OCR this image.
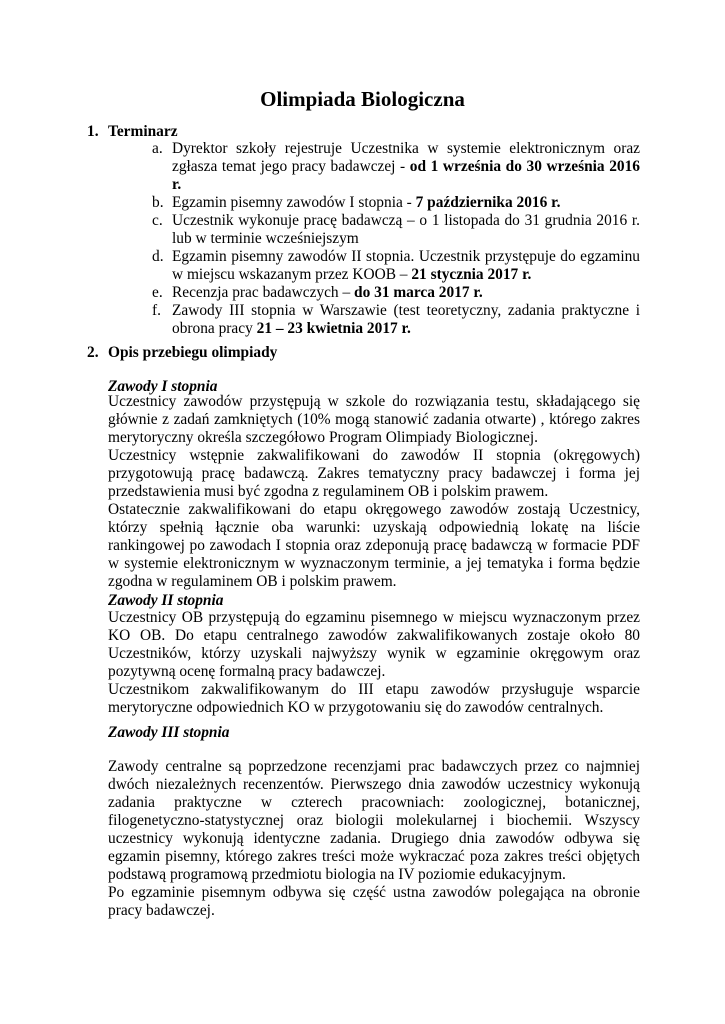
Olimpiada Biologiczna
1. Terminarz
a. Dyrektor szkoły rejestruje Uczestnika w systemie elektronicznym oraz zgłasza temat jego pracy badawczej - od 1 września do 30 września 2016 r.
b. Egzamin pisemny zawodów I stopnia - 7 października 2016 r.
c. Uczestnik wykonuje pracę badawczą – o 1 listopada do 31 grudnia 2016 r. lub w terminie wcześniejszym
d. Egzamin pisemny zawodów II stopnia. Uczestnik przystępuje do egzaminu w miejscu wskazanym przez KOOB – 21 stycznia 2017 r.
e. Recenzja prac badawczych – do 31 marca 2017 r.
f. Zawody III stopnia w Warszawie (test teoretyczny, zadania praktyczne i obrona pracy 21 – 23 kwietnia 2017 r.
2. Opis przebiegu olimpiady
Zawody I stopnia

Uczestnicy zawodów przystępują w szkole do rozwiązania testu, składającego się głównie z zadań zamkniętych (10% mogą stanowić zadania otwarte) , którego zakres merytoryczny określa szczegółowo Program Olimpiady Biologicznej.

Uczestnicy wstępnie zakwalifikowani do zawodów II stopnia (okręgowych) przygotowują pracę badawczą. Zakres tematyczny pracy badawczej i forma jej przedstawienia musi być zgodna z regulaminem OB i polskim prawem.

Ostatecznie zakwalifikowani do etapu okręgowego zawodów zostają Uczestnicy, którzy spełnią łącznie oba warunki: uzyskają odpowiednią lokatę na liście rankingowej po zawodach I stopnia oraz zdeponują pracę badawczą w formacie PDF w systemie elektronicznym w wyznaczonym terminie, a jej tematyka i forma będzie zgodna w regulaminem OB i polskim prawem.

Zawody II stopnia

Uczestnicy OB przystępują do egzaminu pisemnego w miejscu wyznaczonym przez KO OB. Do etapu centralnego zawodów zakwalifikowanych zostaje około 80 Uczestników, którzy uzyskali najwyższy wynik w egzaminie okręgowym oraz pozytywną ocenę formalną pracy badawczej.

Uczestnikom zakwalifikowanym do III etapu zawodów przysługuje wsparcie merytoryczne odpowiednich KO w przygotowaniu się do zawodów centralnych.

Zawody III stopnia

Zawody centralne są poprzedzone recenzjami prac badawczych przez co najmniej dwóch niezależnych recenzentów. Pierwszego dnia zawodów uczestnicy wykonują zadania praktyczne w czterech pracowniach: zoologicznej, botanicznej, filogenetyczno-statystycznej oraz biologii molekularnej i biochemii. Wszyscy uczestnicy wykonują identyczne zadania. Drugiego dnia zawodów odbywa się egzamin pisemny, którego zakres treści może wykraczać poza zakres treści objętych podstawą programową przedmiotu biologia na IV poziomie edukacyjnym.

Po egzaminie pisemnym odbywa się część ustna zawodów polegająca na obronie pracy badawczej.
